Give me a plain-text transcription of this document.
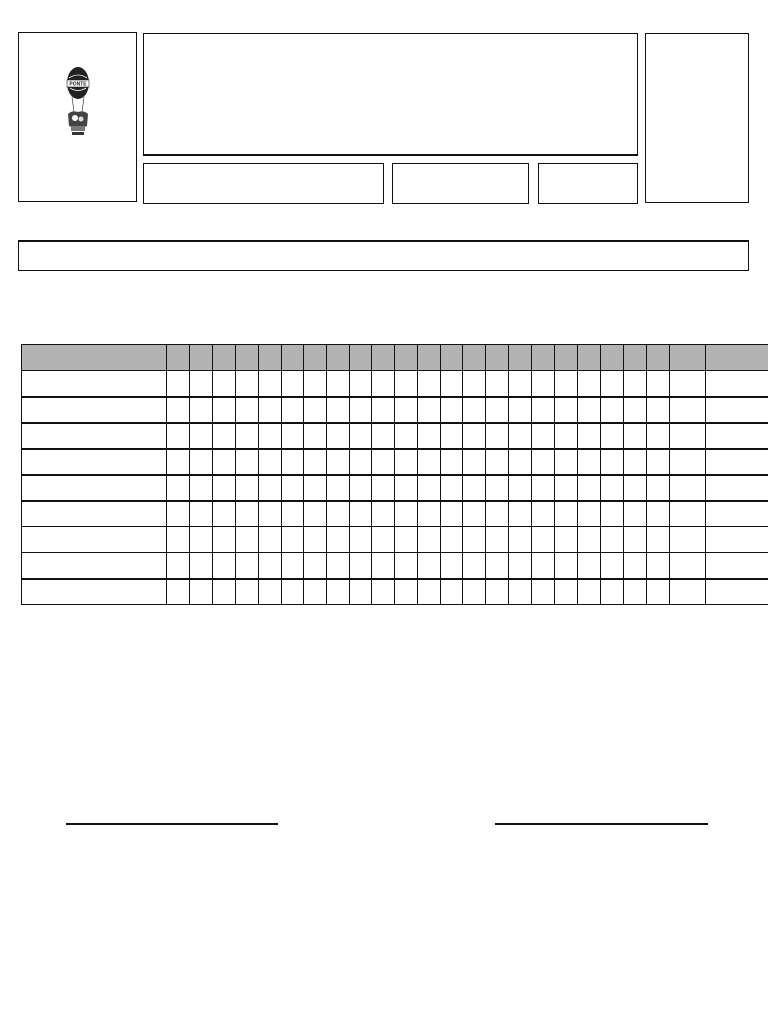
PONTE
